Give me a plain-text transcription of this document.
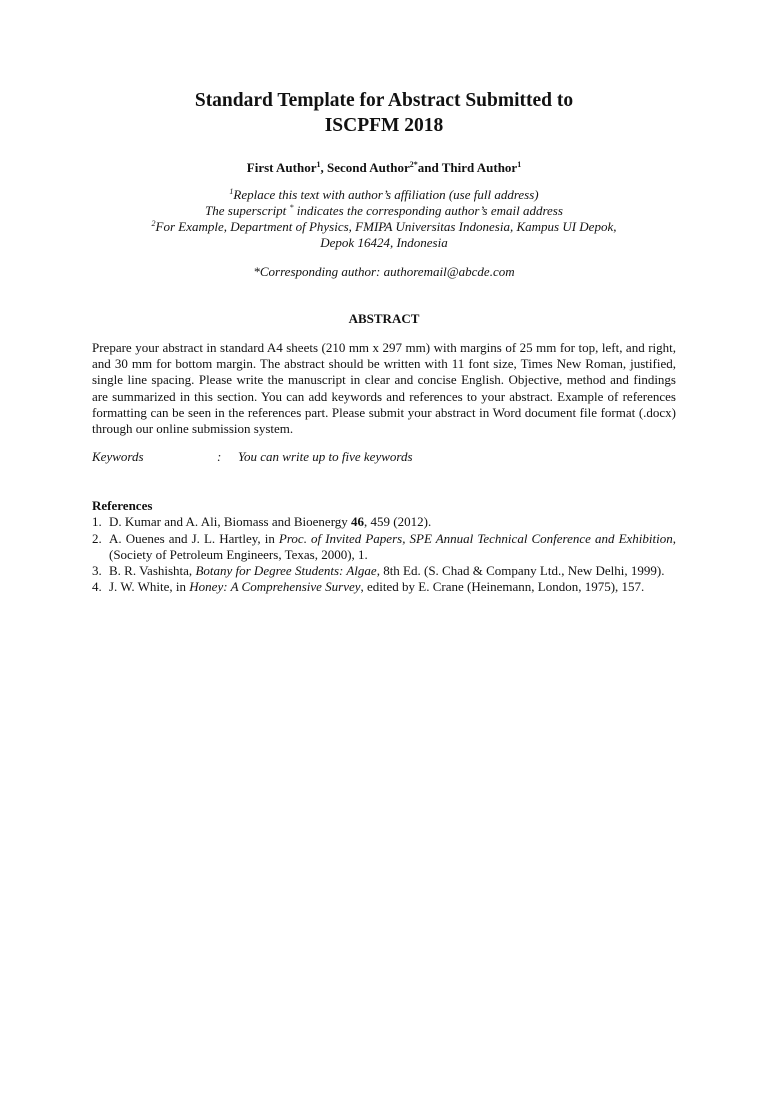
Standard Template for Abstract Submitted to
ISCPFM 2018
First Author$^1$, Second Author$^{2*}$and Third Author$^1$
$^1$Replace this text with author’s affiliation (use full address)
The superscript * indicates the corresponding author’s email address
$^2$For Example, Department of Physics, FMIPA Universitas Indonesia, Kampus UI Depok,
Depok 16424, Indonesia
*Corresponding author: authoremail@abcde.com
ABSTRACT
Prepare your abstract in standard A4 sheets (210 mm x 297 mm) with margins of 25 mm for top, left, and right, and 30 mm for bottom margin. The abstract should be written with 11 font size, Times New Roman, justified, single line spacing. Please write the manuscript in clear and concise English. Objective, method and findings are summarized in this section. You can add keywords and references to your abstract. Example of references formatting can be seen in the references part. Please submit your abstract in Word document file format (.docx) through our online submission system.
Keywords	:	You can write up to five keywords
References
1. D. Kumar and A. Ali, Biomass and Bioenergy 46, 459 (2012).
2. A. Ouenes and J. L. Hartley, in Proc. of Invited Papers, SPE Annual Technical Conference and Exhibition, (Society of Petroleum Engineers, Texas, 2000), 1.
3. B. R. Vashishta, Botany for Degree Students: Algae, 8th Ed. (S. Chad & Company Ltd., New Delhi, 1999).
4. J. W. White, in Honey: A Comprehensive Survey, edited by E. Crane (Heinemann, London, 1975), 157.
